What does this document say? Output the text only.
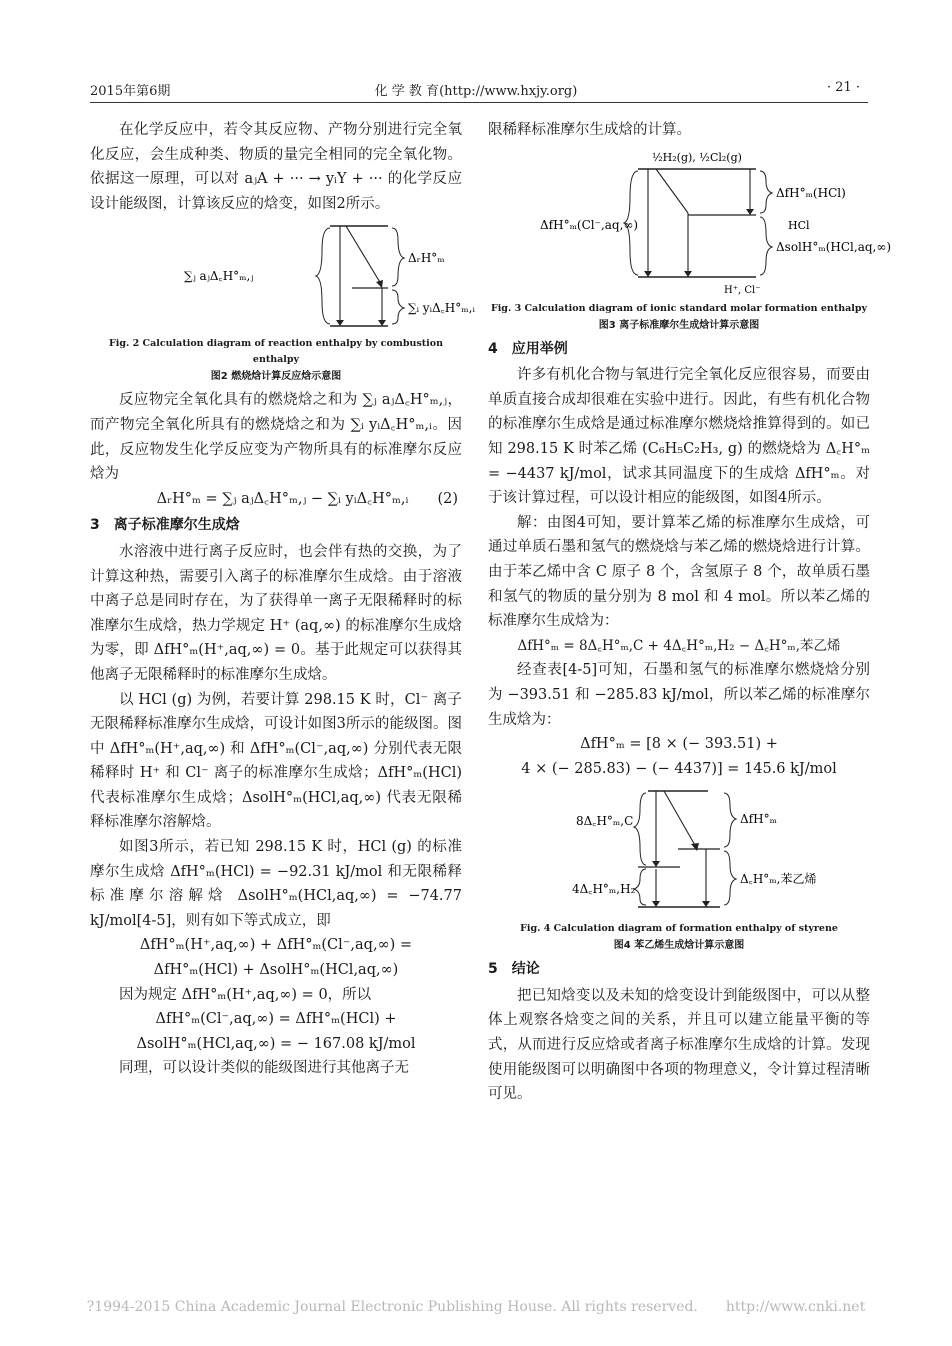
2015年第6期	化 学 教 育(http://www.hxjy.org)	· 21 ·

在化学反应中，若令其反应物、产物分别进行完全氧化反应，会生成种类、物质的量完全相同的完全氧化物。依据这一原理，可以对 aⱼA + ··· → yᵢY + ··· 的化学反应设计能级图，计算该反应的焓变，如图2所示。

∑ⱼ aⱼΔ꜀H°ₘ,ⱼ
ΔᵣH°ₘ
∑ᵢ yᵢΔ꜀H°ₘ,ᵢ
Fig. 2 Calculation diagram of reaction enthalpy by combustion enthalpy
图2 燃烧焓计算反应焓示意图

反应物完全氧化具有的燃烧焓之和为 ∑ⱼ aⱼΔ꜀H°ₘ,ⱼ，而产物完全氧化所具有的燃烧焓之和为 ∑ᵢ yᵢΔ꜀H°ₘ,ᵢ。因此，反应物发生化学反应变为产物所具有的标准摩尔反应焓为

ΔᵣH°ₘ = ∑ⱼ aⱼΔ꜀H°ₘ,ⱼ − ∑ᵢ yᵢΔ꜀H°ₘ,ᵢ　　(2)

3　离子标准摩尔生成焓

水溶液中进行离子反应时，也会伴有热的交换，为了计算这种热，需要引入离子的标准摩尔生成焓。由于溶液中离子总是同时存在，为了获得单一离子无限稀释时的标准摩尔生成焓，热力学规定 H⁺ (aq,∞) 的标准摩尔生成焓为零，即 ΔfH°ₘ(H⁺,aq,∞) = 0。基于此规定可以获得其他离子无限稀释时的标准摩尔生成焓。

以 HCl (g) 为例，若要计算 298.15 K 时，Cl⁻ 离子无限稀释标准摩尔生成焓，可设计如图3所示的能级图。图中 ΔfH°ₘ(H⁺,aq,∞) 和 ΔfH°ₘ(Cl⁻,aq,∞) 分别代表无限稀释时 H⁺ 和 Cl⁻ 离子的标准摩尔生成焓；ΔfH°ₘ(HCl) 代表标准摩尔生成焓；ΔsolH°ₘ(HCl,aq,∞) 代表无限稀释标准摩尔溶解焓。

如图3所示，若已知 298.15 K 时，HCl (g) 的标准摩尔生成焓 ΔfH°ₘ(HCl) = −92.31 kJ/mol 和无限稀释标准摩尔溶解焓 ΔsolH°ₘ(HCl,aq,∞) = −74.77 kJ/mol[4-5]，则有如下等式成立，即

ΔfH°ₘ(H⁺,aq,∞) + ΔfH°ₘ(Cl⁻,aq,∞) =

ΔfH°ₘ(HCl) + ΔsolH°ₘ(HCl,aq,∞)

因为规定 ΔfH°ₘ(H⁺,aq,∞) = 0，所以

ΔfH°ₘ(Cl⁻,aq,∞) = ΔfH°ₘ(HCl) +

ΔsolH°ₘ(HCl,aq,∞) = − 167.08 kJ/mol

同理，可以设计类似的能级图进行其他离子无

限稀释标准摩尔生成焓的计算。

½H₂(g), ½Cl₂(g)
ΔfH°ₘ(Cl⁻,aq,∞)
ΔfH°ₘ(HCl)
HCl
ΔsolH°ₘ(HCl,aq,∞)
H⁺, Cl⁻
Fig. 3 Calculation diagram of ionic standard molar formation enthalpy
图3 离子标准摩尔生成焓计算示意图
4　应用举例

许多有机化合物与氧进行完全氧化反应很容易，而要由单质直接合成却很难在实验中进行。因此，有些有机化合物的标准摩尔生成焓是通过标准摩尔燃烧焓推算得到的。如已知 298.15 K 时苯乙烯 (C₆H₅C₂H₃, g) 的燃烧焓为 Δ꜀H°ₘ = −4437 kJ/mol，试求其同温度下的生成焓 ΔfH°ₘ。对于该计算过程，可以设计相应的能级图，如图4所示。

解：由图4可知，要计算苯乙烯的标准摩尔生成焓，可通过单质石墨和氢气的燃烧焓与苯乙烯的燃烧焓进行计算。由于苯乙烯中含 C 原子 8 个，含氢原子 8 个，故单质石墨和氢气的物质的量分别为 8 mol 和 4 mol。所以苯乙烯的标准摩尔生成焓为：

ΔfH°ₘ = 8Δ꜀H°ₘ,C + 4Δ꜀H°ₘ,H₂ − Δ꜀H°ₘ,苯乙烯

经查表[4-5]可知，石墨和氢气的标准摩尔燃烧焓分别为 −393.51 和 −285.83 kJ/mol，所以苯乙烯的标准摩尔生成焓为：

ΔfH°ₘ = [8 × (− 393.51) +

4 × (− 285.83) − (− 4437)] = 145.6 kJ/mol

8Δ꜀H°ₘ,C
4Δ꜀H°ₘ,H₂
ΔfH°ₘ
Δ꜀H°ₘ,苯乙烯
Fig. 4 Calculation diagram of formation enthalpy of styrene
图4 苯乙烯生成焓计算示意图
5　结论

把已知焓变以及未知的焓变设计到能级图中，可以从整体上观察各焓变之间的关系，并且可以建立能量平衡的等式，从而进行反应焓或者离子标准摩尔生成焓的计算。发现使用能级图可以明确图中各项的物理意义，令计算过程清晰可见。

?1994-2015 China Academic Journal Electronic Publishing House. All rights reserved.　　http://www.cnki.net
